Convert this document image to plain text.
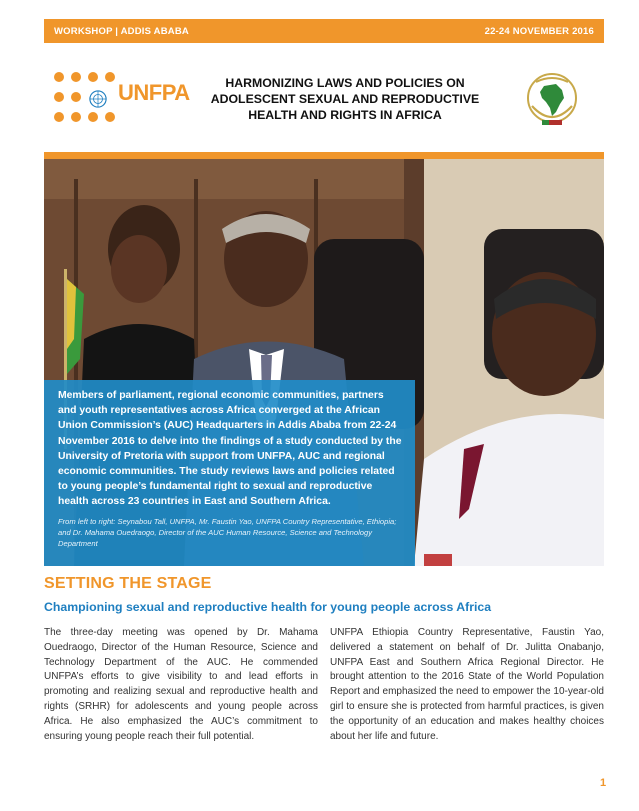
WORKSHOP | ADDIS ABABA	22-24 NOVEMBER 2016
UNFPA	HARMONIZING LAWS AND POLICIES ON ADOLESCENT SEXUAL AND REPRODUCTIVE HEALTH AND RIGHTS IN AFRICA

Members of parliament, regional economic communities, partners and youth representatives across Africa converged at the African Union Commission’s (AUC) Headquarters in Addis Ababa from 22-24 November 2016 to delve into the findings of a study conducted by the University of Pretoria with support from UNFPA, AUC and regional economic communities. The study reviews laws and policies related to young people’s fundamental right to sexual and reproductive health across 23 countries in East and Southern Africa.

From left to right: Seynabou Tall, UNFPA, Mr. Faustin Yao, UNFPA Country Representative, Ethiopia; and Dr. Mahama Ouedraogo, Director of the AUC Human Resource, Science and Technology Department

SETTING THE STAGE
Championing sexual and reproductive health for young people across Africa

The three-day meeting was opened by Dr. Mahama Ouedraogo, Director of the Human Resource, Science and Technology Department of the AUC. He commended UNFPA’s efforts to give visibility to and lead efforts in promoting and realizing sexual and reproductive health and rights (SRHR) for adolescents and young people across Africa. He also emphasized the AUC’s commitment to ensuring young people reach their full potential.

UNFPA Ethiopia Country Representative, Faustin Yao, delivered a statement on behalf of Dr. Julitta Onabanjo, UNFPA East and Southern Africa Regional Director. He brought attention to the 2016 State of the World Population Report and emphasized the need to empower the 10-year-old girl to ensure she is protected from harmful practices, is given the opportunity of an education and makes healthy choices about her life and future.

1
